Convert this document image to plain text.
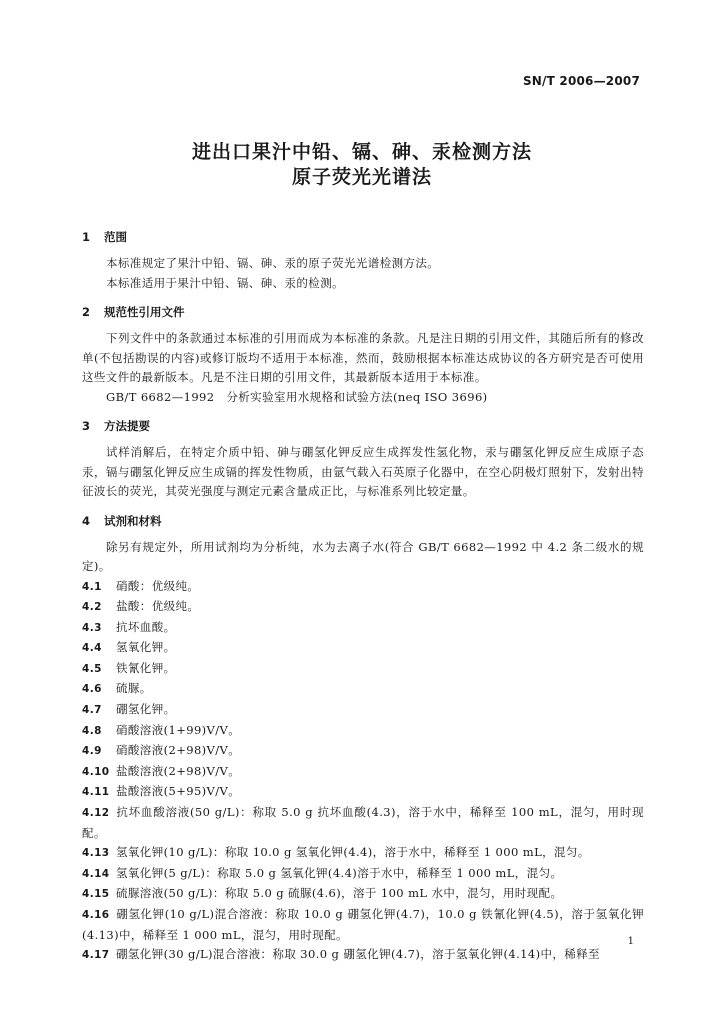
SN/T 2006—2007
进出口果汁中铅、镉、砷、汞检测方法
原子荧光光谱法
1 范围
本标准规定了果汁中铅、镉、砷、汞的原子荧光光谱检测方法。
本标准适用于果汁中铅、镉、砷、汞的检测。
2 规范性引用文件
下列文件中的条款通过本标准的引用而成为本标准的条款。凡是注日期的引用文件，其随后所有的修改单(不包括勘误的内容)或修订版均不适用于本标准，然而，鼓励根据本标准达成协议的各方研究是否可使用这些文件的最新版本。凡是不注日期的引用文件，其最新版本适用于本标准。
GB/T 6682—1992　分析实验室用水规格和试验方法(neq ISO 3696)
3 方法提要
试样消解后，在特定介质中铅、砷与硼氢化钾反应生成挥发性氢化物，汞与硼氢化钾反应生成原子态汞，镉与硼氢化钾反应生成镉的挥发性物质，由氩气载入石英原子化器中，在空心阴极灯照射下，发射出特征波长的荧光，其荧光强度与测定元素含量成正比，与标准系列比较定量。
4 试剂和材料
除另有规定外，所用试剂均为分析纯，水为去离子水(符合 GB/T 6682—1992 中 4.2 条二级水的规定)。
4.1 硝酸：优级纯。
4.2 盐酸：优级纯。
4.3 抗坏血酸。
4.4 氢氧化钾。
4.5 铁氰化钾。
4.6 硫脲。
4.7 硼氢化钾。
4.8 硝酸溶液(1+99)V/V。
4.9 硝酸溶液(2+98)V/V。
4.10 盐酸溶液(2+98)V/V。
4.11 盐酸溶液(5+95)V/V。
4.12 抗坏血酸溶液(50 g/L)：称取 5.0 g 抗坏血酸(4.3)，溶于水中，稀释至 100 mL，混匀，用时现配。
4.13 氢氧化钾(10 g/L)：称取 10.0 g 氢氧化钾(4.4)，溶于水中，稀释至 1 000 mL，混匀。
4.14 氢氧化钾(5 g/L)：称取 5.0 g 氢氧化钾(4.4)溶于水中，稀释至 1 000 mL，混匀。
4.15 硫脲溶液(50 g/L)：称取 5.0 g 硫脲(4.6)，溶于 100 mL 水中，混匀，用时现配。
4.16 硼氢化钾(10 g/L)混合溶液：称取 10.0 g 硼氢化钾(4.7)，10.0 g 铁氰化钾(4.5)，溶于氢氧化钾(4.13)中，稀释至 1 000 mL，混匀，用时现配。
4.17 硼氢化钾(30 g/L)混合溶液：称取 30.0 g 硼氢化钾(4.7)，溶于氢氧化钾(4.14)中，稀释至
1
